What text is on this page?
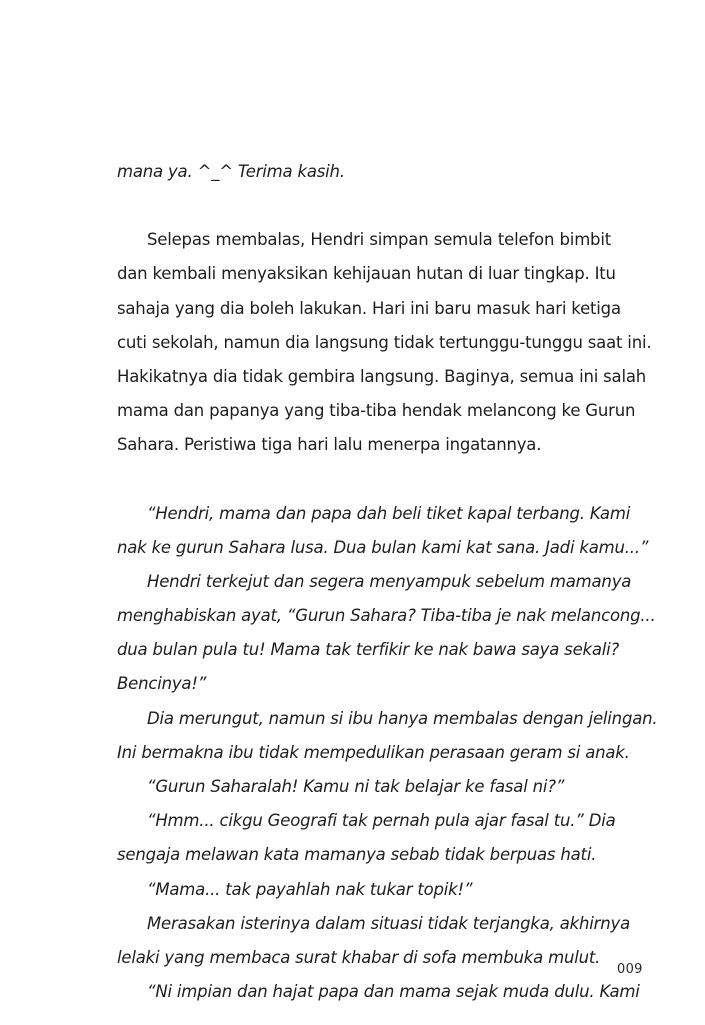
mana ya. ^_^ Terima kasih.
Selepas membalas, Hendri simpan semula telefon bimbit
dan kembali menyaksikan kehijauan hutan di luar tingkap. Itu
sahaja yang dia boleh lakukan. Hari ini baru masuk hari ketiga
cuti sekolah, namun dia langsung tidak tertunggu-tunggu saat ini.
Hakikatnya dia tidak gembira langsung. Baginya, semua ini salah
mama dan papanya yang tiba-tiba hendak melancong ke Gurun
Sahara. Peristiwa tiga hari lalu menerpa ingatannya.
“Hendri, mama dan papa dah beli tiket kapal terbang. Kami
nak ke gurun Sahara lusa. Dua bulan kami kat sana. Jadi kamu...”
Hendri terkejut dan segera menyampuk sebelum mamanya
menghabiskan ayat, “Gurun Sahara? Tiba-tiba je nak melancong...
dua bulan pula tu! Mama tak terfikir ke nak bawa saya sekali?
Bencinya!”
Dia merungut, namun si ibu hanya membalas dengan jelingan.
Ini bermakna ibu tidak mempedulikan perasaan geram si anak.
“Gurun Saharalah! Kamu ni tak belajar ke fasal ni?”
“Hmm... cikgu Geografi tak pernah pula ajar fasal tu.” Dia
sengaja melawan kata mamanya sebab tidak berpuas hati.
“Mama... tak payahlah nak tukar topik!”
Merasakan isterinya dalam situasi tidak terjangka, akhirnya
lelaki yang membaca surat khabar di sofa membuka mulut.
“Ni impian dan hajat papa dan mama sejak muda dulu. Kami
009
